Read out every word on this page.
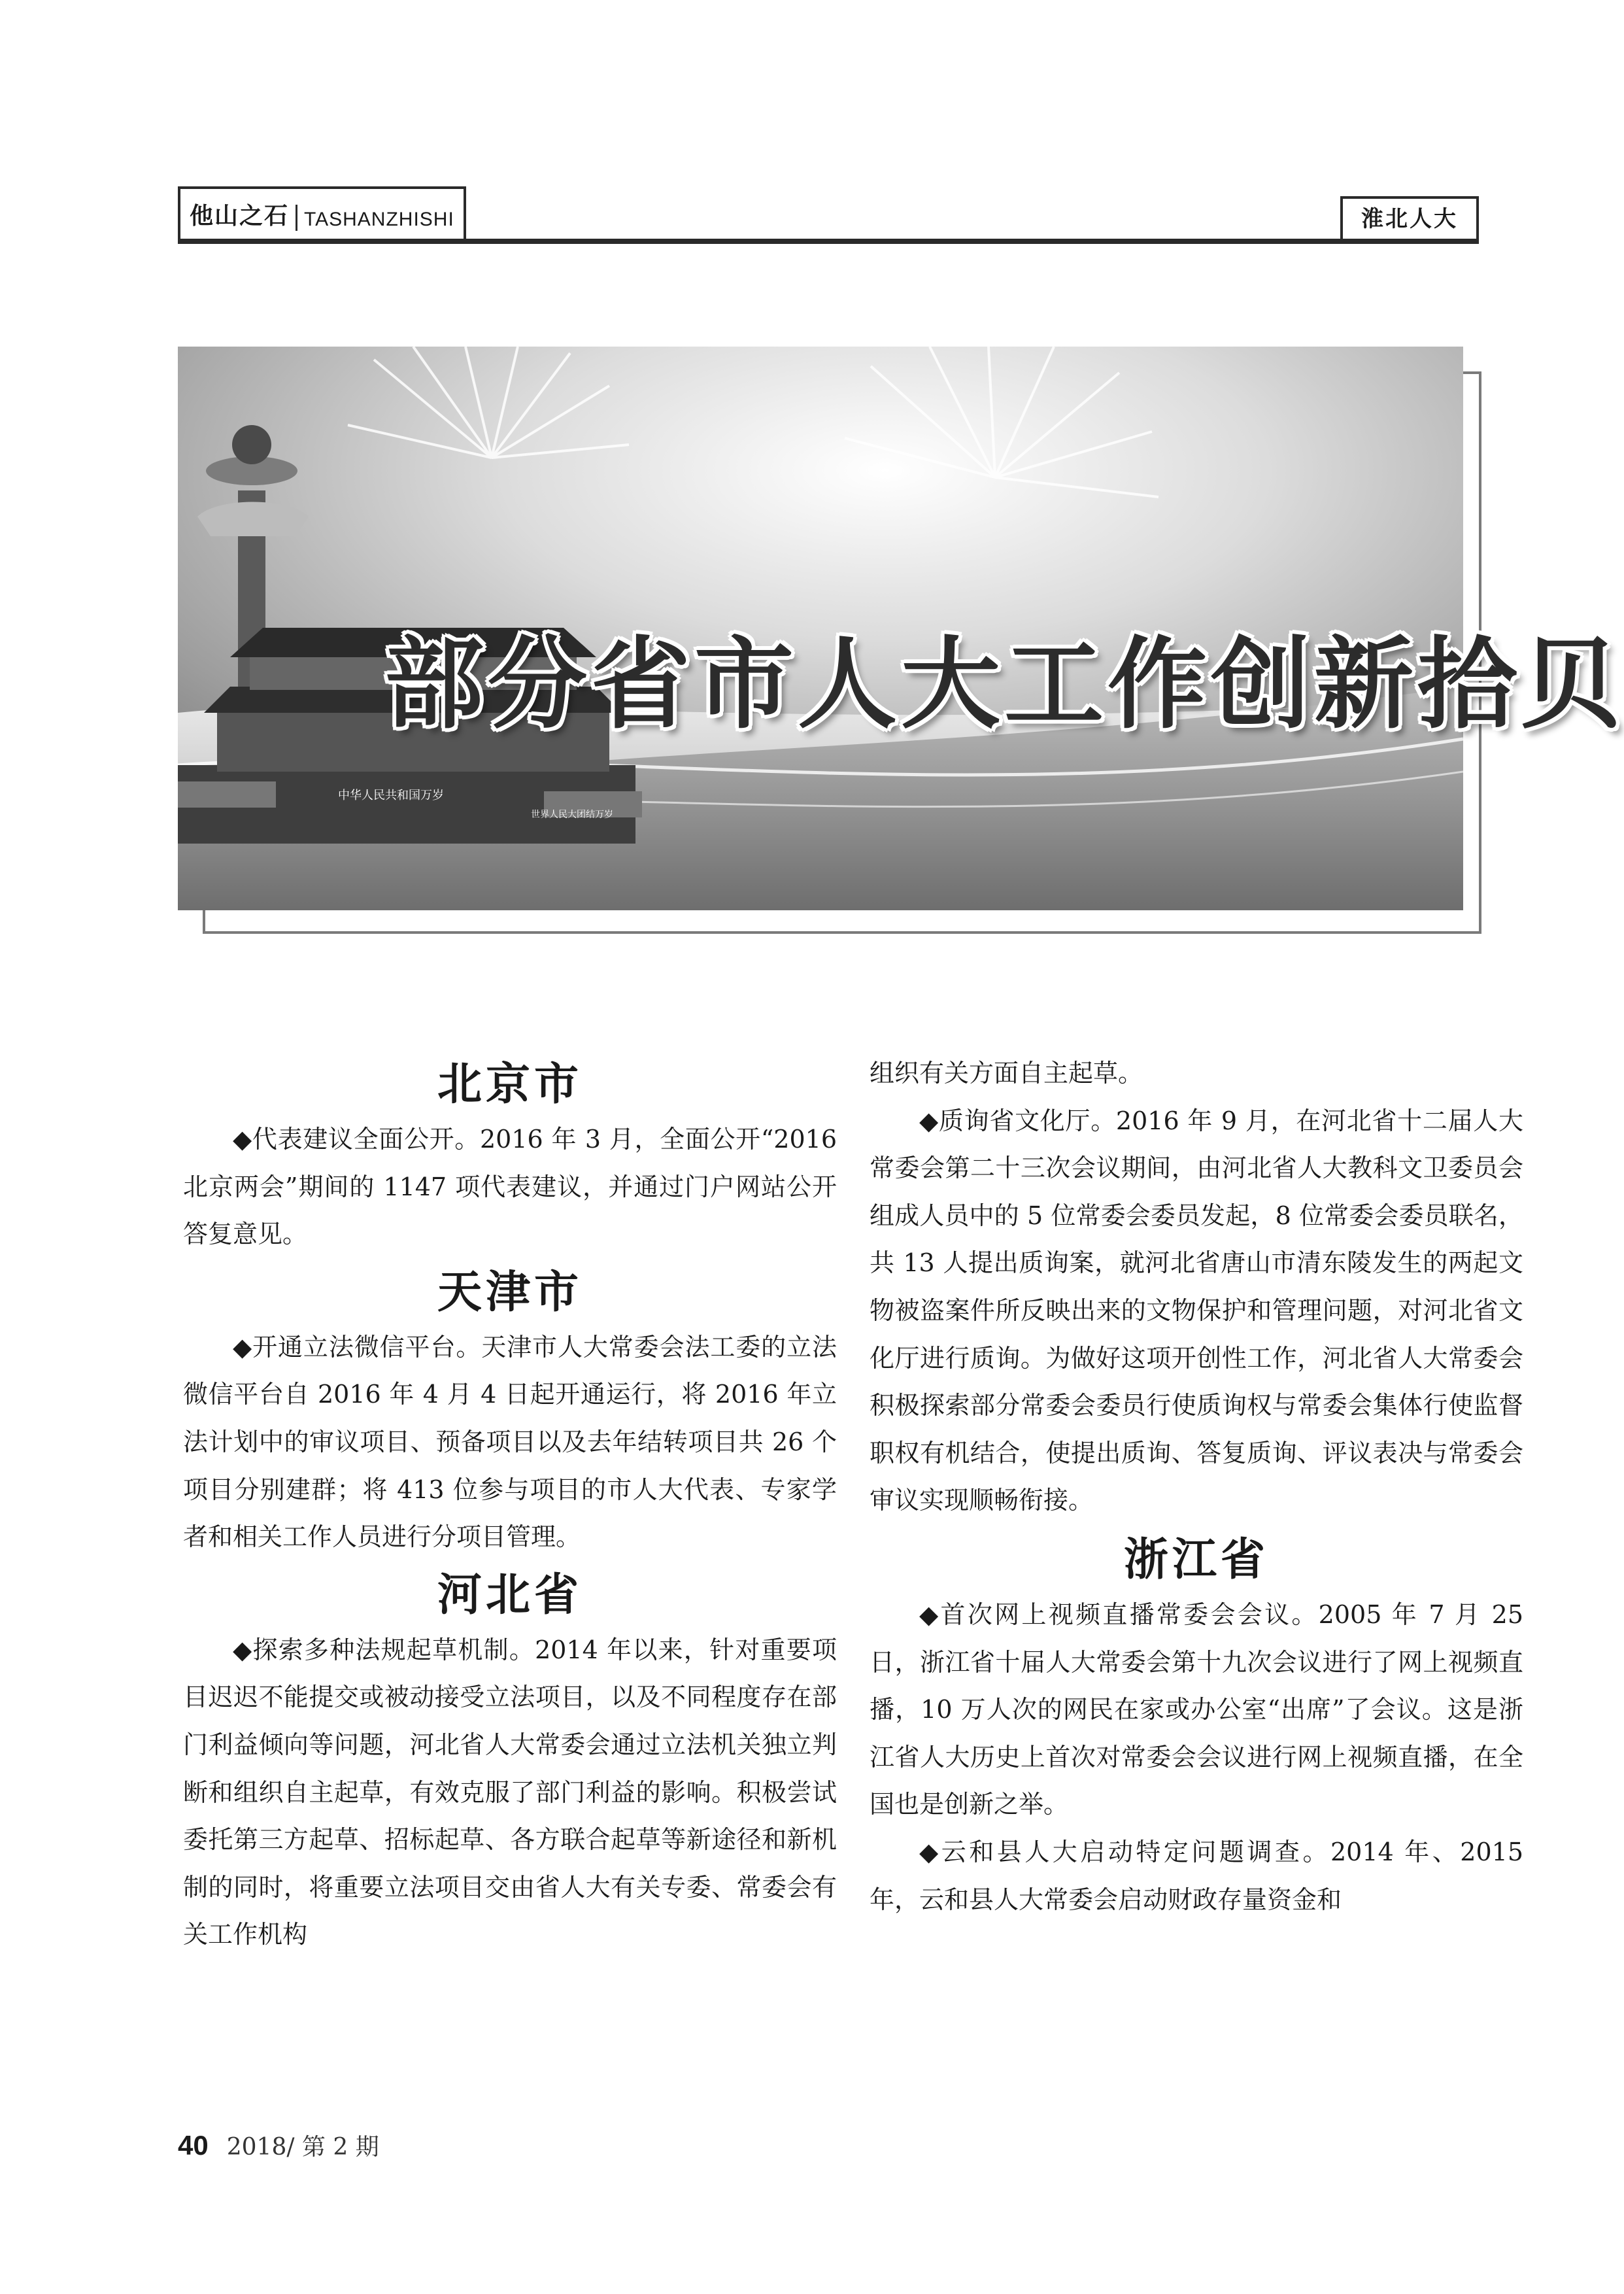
他山之石 TASHANZHISHI	淮北人大
中华人民共和国万岁
世界人民大团结万岁
部分省市人大工作创新拾贝
北京市

◆代表建议全面公开。2016 年 3 月，全面公开“2016 北京两会”期间的 1147 项代表建议，并通过门户网站公开答复意见。

天津市

◆开通立法微信平台。天津市人大常委会法工委的立法微信平台自 2016 年 4 月 4 日起开通运行，将 2016 年立法计划中的审议项目、预备项目以及去年结转项目共 26 个项目分别建群；将 413 位参与项目的市人大代表、专家学者和相关工作人员进行分项目管理。

河北省

◆探索多种法规起草机制。2014 年以来，针对重要项目迟迟不能提交或被动接受立法项目，以及不同程度存在部门利益倾向等问题，河北省人大常委会通过立法机关独立判断和组织自主起草，有效克服了部门利益的影响。积极尝试委托第三方起草、招标起草、各方联合起草等新途径和新机制的同时，将重要立法项目交由省人大有关专委、常委会有关工作机构

组织有关方面自主起草。

◆质询省文化厅。2016 年 9 月，在河北省十二届人大常委会第二十三次会议期间，由河北省人大教科文卫委员会组成人员中的 5 位常委会委员发起，8 位常委会委员联名，共 13 人提出质询案，就河北省唐山市清东陵发生的两起文物被盗案件所反映出来的文物保护和管理问题，对河北省文化厅进行质询。为做好这项开创性工作，河北省人大常委会积极探索部分常委会委员行使质询权与常委会集体行使监督职权有机结合，使提出质询、答复质询、评议表决与常委会审议实现顺畅衔接。

浙江省

◆首次网上视频直播常委会会议。2005 年 7 月 25 日，浙江省十届人大常委会第十九次会议进行了网上视频直播，10 万人次的网民在家或办公室“出席”了会议。这是浙江省人大历史上首次对常委会会议进行网上视频直播，在全国也是创新之举。

◆云和县人大启动特定问题调查。2014 年、2015 年，云和县人大常委会启动财政存量资金和

40 2018/ 第 2 期
